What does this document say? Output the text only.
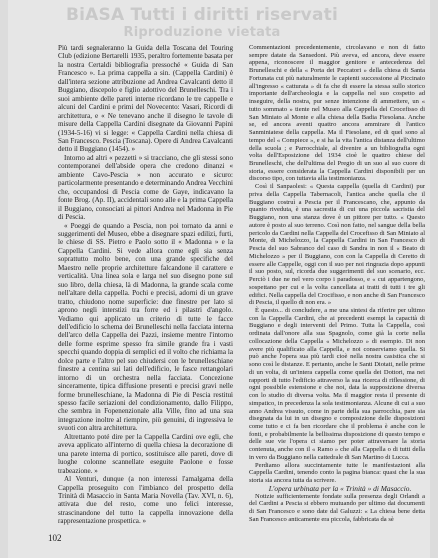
BiASA Tutti i diritti riservati
Riproduzione vietata

Più tardi segnaleranno la Guida della Toscana del Touring Club (edizione Bertarelli 1935, peraltro fortemente basata per la nostra Certaldi bibliografia pressoché « Guida di San Francesco ». La prima cappella a sin. (Cappella Cardini) è dall'intera sezione attribuzione ad Andrea Cavalcanti detto il Buggiano, discepolo e figlio adottivo del Brunelleschi. Tra i suoi ambiente delle pareti interne ricordano le tre cappelle e alcuni del Cardini e primi del Novecento: Vasari, Ricordi di architettura, e « Ne tenevano anche il disegno le tavole di misure della Cappella Cardini disegnate da Giovanni Papini (1934-5-16) vi si legge: « Cappella Cardini nella chiesa di San Francesco. Pescia (Toscana). Opere di Andrea Cavalcanti detto il Buggiano (1454). »

Intorno ad altri « pezzetti » si tracciano, che gli stessi sono contemporanei dell'abside opera che credono dinanzi « ambiente Cavo-Pescia » non accurato e sicuro: particolarmente presentando e determinando Andrea Vecchini che, occupandosi di Pescia come de Gaye, indicavano la fonte Brog. (Ap. II), accidentali sono alle e la prima Cappella il Buggiano, consociati ai pittori Andrea nel Madonna in Pie di Pescia.

« Poeggi de quando a Pescia, non poi tornato da anni e suggerimenti del Museo, ebbe a disegnare spazi edilizi, furti, le chiese di SS. Pietro e Paolo sotto il « Madonna » e la Cappella Cardini. Si vede allora come egli sia senza soprattutto molto bene, con una grande specifiche del Maestro nelle proprie architetture falcandone il carattere e verticalità. Una linea sola e larga nel suo disegno pone sul suo libro, della chiesa, là di Madonna, la grande scala come nell'altare della cappella. Pochi e precisi, adorni di un grave tratto, chiudono nome superficie: due finestre per lato si aprono negli interstizi tra forre ed i pilastri d'angolo. Vediamo qui applicato un criterio di tutte le facce dell'edificio lo schema dei Brunelleschi nella facciata interna dell'arco della Cappella dei Pazzi, insieme mentre l'intorno delle forme esprime spesso fra simile grande fra i vasti specchi quando doppia di semplici ed il volto che richiama la dolce parte e l'altro pel suo chiudersi con le brunelleschiane finestre a centina sui lati dell'edificio, le fasce rettangolari intorno di un orchestra nella facciata. Concezione sinceramente, tipica diffusione presenti e precisi gravi nelle forme brunelleschiane, la Madonna di Pie di Pescia restituì spesso facile seriazioni del condizionamento, dallo Filippo, che sembra in Fopenenzionale alla Ville, fino ad una sua integrazione inoltre al riempire, più genuini, di ingressiva le svuoti con altra architettura.

Altrettanto poté dire per la Cappella Cardini ove egli, che aveva applicato all'interno di quella chiesa la decorazione di una parete interna di portico, sostituisce alle pareti, dove di luoghe colonne scannellate eseguite Paolone e fosse trabeazione. »

Al Venturi, dunque (a non interessi l'amalgama della Cappella proseguito con l'imbianco del prospetto della Trinità di Masaccio in Santa Maria Novella (Tav. XVI, n. 6), attivata due del resto, come uno felici interesse, strascinandone del tutto la cappella innovazione della rappresentazione prospettica. »

Commentazioni precedentemente, circolavano e non di fatto sempre datate da Sansedoni. Più aveva, ed ancora, deve essere appena, riconoscere il maggior genitore e antecedenza del Brunelleschi e della « Porta dei Peccatori » della chiesa di Santa Fortunata cui più naturalmente le capienti successione al Piccinaio all'ingresso « catturata » di fa che di essere la stessa sullo storico importante dell'archeologia e la cappella nel suo cospetto ad inseguire, della nostra, pur senze intenzione di ammettere, un « tutto sommato » tiente nel Museo alla Cappella del Crocefisso di San Miniato al Monte e alla chiesa della Badia Fiesolana. Anche se, ed ancora aventi quattro ancora ammirare di l'antico Sanminiatese della cappella. Ma il Fiesolane, ed di quel sono al tempo del « Compiece », e si ha la vita l'antica distanza dell'ultimo della scuola ; e Parrocchiale, al divenire a un bibliografia ogni volta dell'Esposizione del 1934 cioè le quattro chiese del Brunelleschi, che dell'ultima del Pregio di un suo al suo cuore di storia, essere considerata la Cappella Cardini disponibili per un discorso tipo, con tuttavia alla testimonianza.

Così il Sanpaolesi: « Questa cappella (quella di Cardini) pur priva della Cappella Tabernacoli, l'antica anche quella che il Buggiano costruì a Pescia per il Francescano, che, appunto da quanto riveduta, è una sacrestia di cui una piccola sacristia del Buggiano, non una stanza dove è un pittore per tutto. « Questo autore è posto al suo terreno. Così non fatto, nel sangue della bella pericolo da Cardini nella Cappella del Crocefisso di San Miniato al Monte, di Michelozzo, la Cappella Cardini in San Francesco di Pescia del suo Sabranco del caso di Sandra in non il « Beato di Michelozzo » per il Buggiano, con con la Cappella di Ceretto di essere alle Cappelle, oggi con il suo per noi ringrazia dopo appunti il suo posto, sul, ricorda due suggerimenti del suo scenario, ecc. Perciò i due ne nel vero corpo i paradosso, e « cui appartengono, sospettano per cui e la volta cancellata ai tratti di tutti i tre gli edifici. Nella cappella del Crocifisso, e non anche di San Francesco di Pescia, il quello di non era. »

È questo... di concludere, a me una sintesi da riferire per ultimo con la Cappella Cardini, che ai precedenti esempi la capacità di Buggiano e degli interventi del Primo. Tutta la Cappella, così ordinata dall'onore alla sua Spagnolo, come già la corte nella collocazione della Cappella « Michelozzo » di esempio. Di non avere più qualificato alla Cappella, e noi conserviamo quella. Si può anche l'opera sua più tardi cioè nella nostra casistica che si sono così le distanze. E pertanto, anche le Santi Diotati, nelle prime di un volta, di un'intera cappella come quella dei Dottori, ma nei rapporti di tutto l'edificio attraverso la sua ricerca di riflessione, di ogni possibile estensione e che noi, data la supposizione diversa con lo studio di diversa volta. Ma il maggior resta il presente di simpatico, in precedenza la sola testimonianza. Alcune di cui a suo anno Andrea vissuto, come in parte della sua parrocchia, pare sia disegnata da lui in un disegno e composizione delle disposizioni come tutto e ci fa ben ricordare che il problema è anche con le fonti, e probabilmente la bellissima disposizione di questo tempo e delle sue vie l'opera ci siamo per poter attraversare la storia contenuta, anche con il « Ramo » che alla Cappella o di tutti della in vero da Buggiano nella cattedrale di San Martino di Lucca.

Perdiamo allora succintamente tutte le manifestazioni alla Cappella Cardini, tenendo conto la pagina bianca: quasi che la sua storia sia ancora tutta da scrivere.

L'opera urbinata per la « Trinità » di Masaccio.

Notizie sufficientemente fondate sulla presenza degli Orlandi a del Cardini a Pescia si ebbero mutuando per ultimo dai documenti di San Francesco e sono date dal Galuzzi: « La chiesa bene detta San Francesco anticamente era piccola, fabbricata da sè

102
